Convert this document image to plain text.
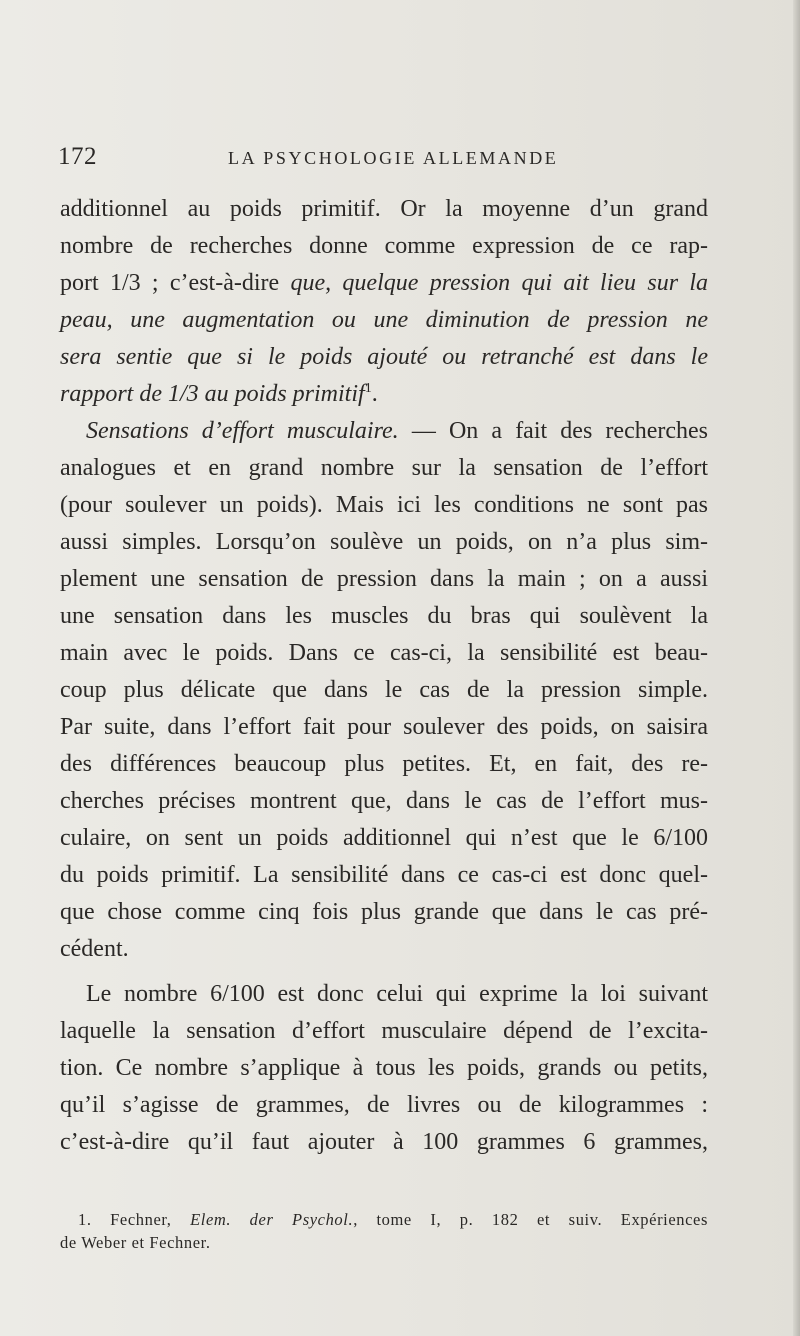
172	LA PSYCHOLOGIE ALLEMANDE
additionnel au poids primitif. Or la moyenne d’un grand
nombre de recherches donne comme expression de ce rap-
port 1/3 ; c’est-à-dire que, quelque pression qui ait lieu sur la
peau, une augmentation ou une diminution de pression ne
sera sentie que si le poids ajouté ou retranché est dans le
rapport de 1/3 au poids primitif$^1$.
Sensations d’effort musculaire. — On a fait des recherches
analogues et en grand nombre sur la sensation de l’effort
(pour soulever un poids). Mais ici les conditions ne sont pas
aussi simples. Lorsqu’on soulève un poids, on n’a plus sim-
plement une sensation de pression dans la main ; on a aussi
une sensation dans les muscles du bras qui soulèvent la
main avec le poids. Dans ce cas-ci, la sensibilité est beau-
coup plus délicate que dans le cas de la pression simple.
Par suite, dans l’effort fait pour soulever des poids, on saisira
des différences beaucoup plus petites. Et, en fait, des re-
cherches précises montrent que, dans le cas de l’effort mus-
culaire, on sent un poids additionnel qui n’est que le 6/100
du poids primitif. La sensibilité dans ce cas-ci est donc quel-
que chose comme cinq fois plus grande que dans le cas pré-
cédent.
Le nombre 6/100 est donc celui qui exprime la loi suivant
laquelle la sensation d’effort musculaire dépend de l’excita-
tion. Ce nombre s’applique à tous les poids, grands ou petits,
qu’il s’agisse de grammes, de livres ou de kilogrammes :
c’est-à-dire qu’il faut ajouter à 100 grammes 6 grammes,
1. Fechner, Elem. der Psychol., tome I, p. 182 et suiv. Expériences
de Weber et Fechner.
